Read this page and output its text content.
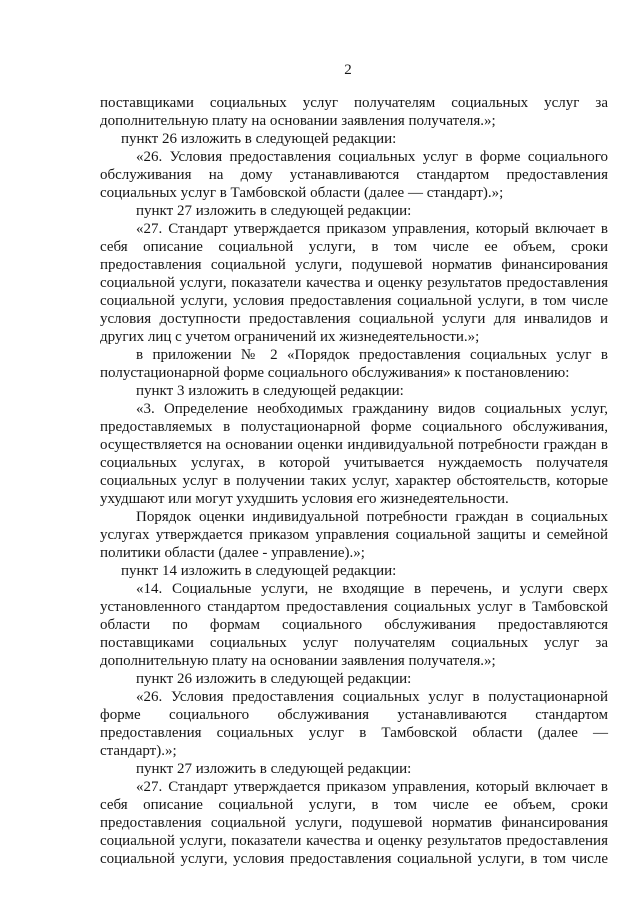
2
поставщиками социальных услуг получателям социальных услуг за
дополнительную плату на основании заявления получателя.»;
пункт 26 изложить в следующей редакции:
«26. Условия предоставления социальных услуг в форме социального
обслуживания на дому устанавливаются стандартом предоставления
социальных услуг в Тамбовской области (далее — стандарт).»;
пункт 27 изложить в следующей редакции:
«27. Стандарт утверждается приказом управления, который включает в
себя описание социальной услуги, в том числе ее объем, сроки
предоставления социальной услуги, подушевой норматив финансирования
социальной услуги, показатели качества и оценку результатов предоставления
социальной услуги, условия предоставления социальной услуги, в том числе
условия доступности предоставления социальной услуги для инвалидов и
других лиц с учетом ограничений их жизнедеятельности.»;
в приложении № 2 «Порядок предоставления социальных услуг в
полустационарной форме социального обслуживания» к постановлению:
пункт 3 изложить в следующей редакции:
«3. Определение необходимых гражданину видов социальных услуг,
предоставляемых в полустационарной форме социального обслуживания,
осуществляется на основании оценки индивидуальной потребности граждан в
социальных услугах, в которой учитывается нуждаемость получателя
социальных услуг в получении таких услуг, характер обстоятельств, которые
ухудшают или могут ухудшить условия его жизнедеятельности.
Порядок оценки индивидуальной потребности граждан в социальных
услугах утверждается приказом управления социальной защиты и семейной
политики области (далее - управление).»;
пункт 14 изложить в следующей редакции:
«14. Социальные услуги, не входящие в перечень, и услуги сверх
установленного стандартом предоставления социальных услуг в Тамбовской
области по формам социального обслуживания предоставляются
поставщиками социальных услуг получателям социальных услуг за
дополнительную плату на основании заявления получателя.»;
пункт 26 изложить в следующей редакции:
«26. Условия предоставления социальных услуг в полустационарной
форме социального обслуживания устанавливаются стандартом
предоставления социальных услуг в Тамбовской области (далее —
стандарт).»;
пункт 27 изложить в следующей редакции:
«27. Стандарт утверждается приказом управления, который включает в
себя описание социальной услуги, в том числе ее объем, сроки
предоставления социальной услуги, подушевой норматив финансирования
социальной услуги, показатели качества и оценку результатов предоставления
социальной услуги, условия предоставления социальной услуги, в том числе
